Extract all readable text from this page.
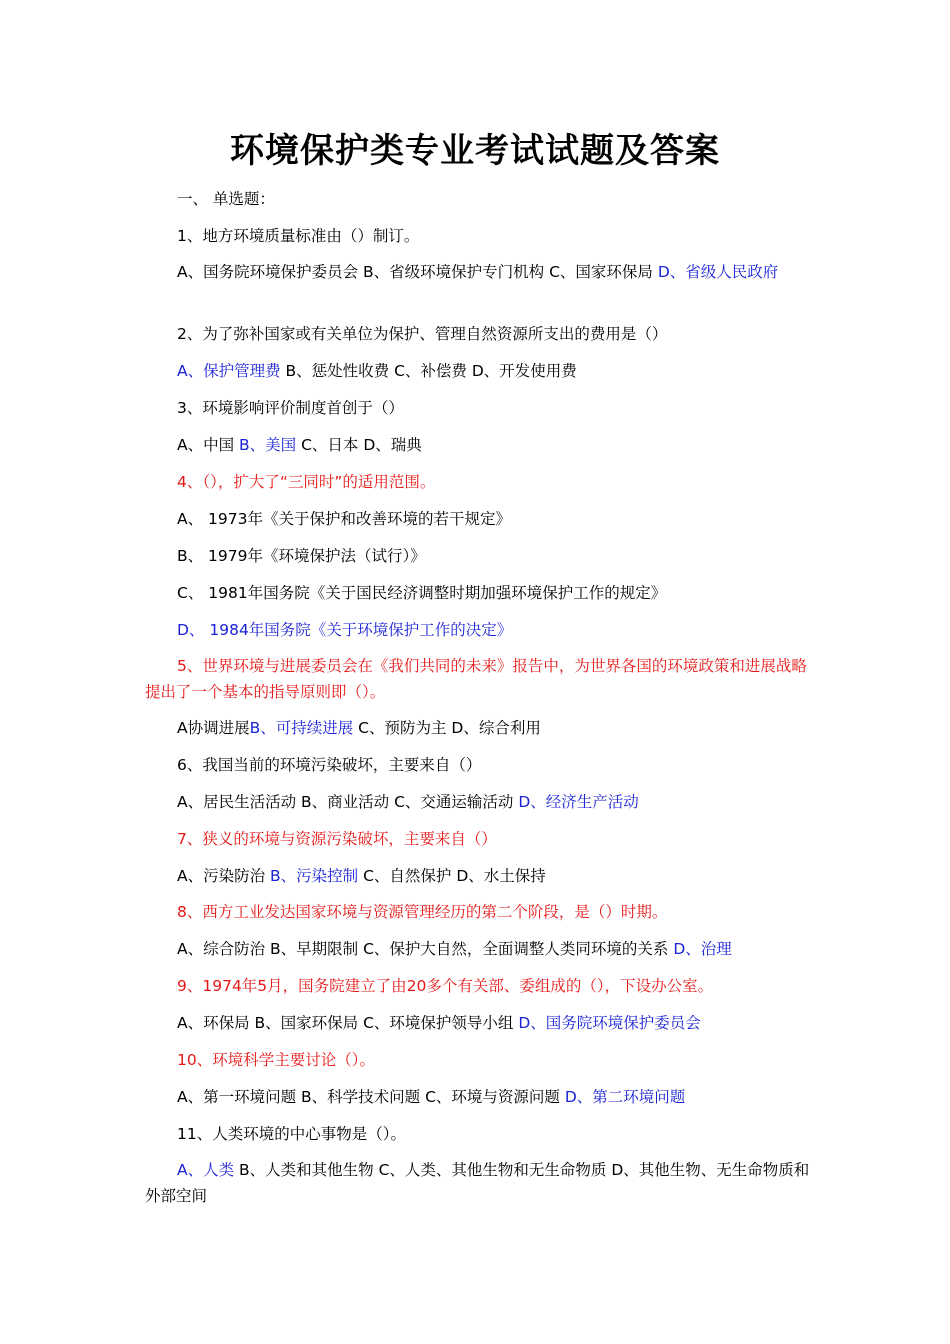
环境保护类专业考试试题及答案

一、 单选题：

1、地方环境质量标准由（）制订。

A、国务院环境保护委员会 B、省级环境保护专门机构 C、国家环保局 D、省级人民政府

2、为了弥补国家或有关单位为保护、管理自然资源所支出的费用是（）

A、保护管理费 B、惩处性收费 C、补偿费 D、开发使用费

3、环境影响评价制度首创于（）

A、中国 B、美国 C、日本 D、瑞典

4、（），扩大了“三同时”的适用范围。

A、 1973年《关于保护和改善环境的若干规定》

B、 1979年《环境保护法（试行）》

C、 1981年国务院《关于国民经济调整时期加强环境保护工作的规定》

D、 1984年国务院《关于环境保护工作的决定》

5、世界环境与进展委员会在《我们共同的未来》报告中，为世界各国的环境政策和进展战略提出了一个基本的指导原则即（）。

A协调进展B、可持续进展 C、预防为主 D、综合利用

6、我国当前的环境污染破坏，主要来自（）

A、居民生活活动 B、商业活动 C、交通运输活动 D、经济生产活动

7、狭义的环境与资源污染破坏，主要来自（）

A、污染防治 B、污染控制 C、自然保护 D、水土保持

8、西方工业发达国家环境与资源管理经历的第二个阶段，是（）时期。

A、综合防治 B、早期限制 C、保护大自然，全面调整人类同环境的关系 D、治理

9、1974年5月，国务院建立了由20多个有关部、委组成的（），下设办公室。

A、环保局 B、国家环保局 C、环境保护领导小组 D、国务院环境保护委员会

10、环境科学主要讨论（）。

A、第一环境问题 B、科学技术问题 C、环境与资源问题 D、第二环境问题

11、人类环境的中心事物是（）。

A、人类 B、人类和其他生物 C、人类、其他生物和无生命物质 D、其他生物、无生命物质和外部空间
